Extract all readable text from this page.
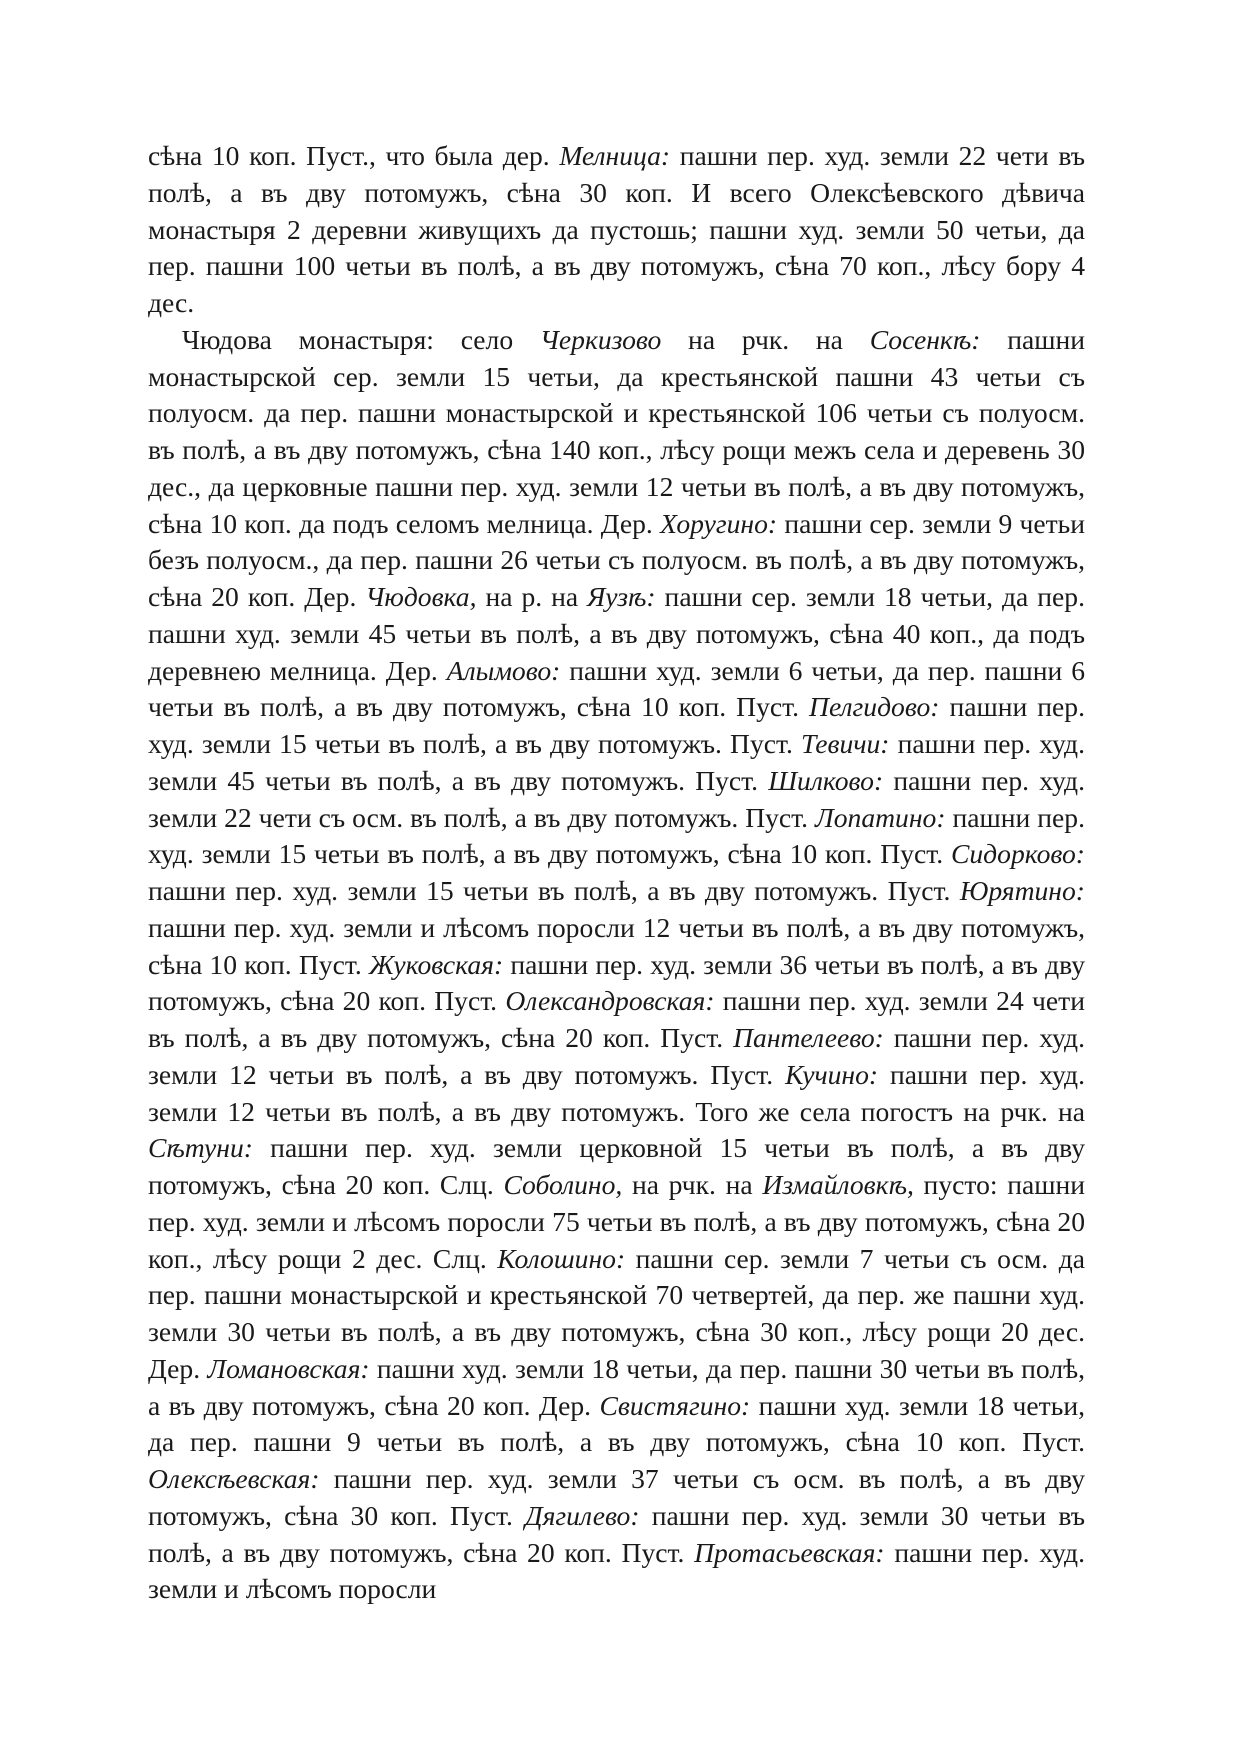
сѣна 10 коп. Пуст., что была дер. Мелница: пашни пер. худ. земли 22 чети въ полѣ, а въ дву потомужъ, сѣна 30 коп. И всего Олексѣевского дѣвича монастыря 2 деревни живущихъ да пустошь; пашни худ. земли 50 четьи, да пер. пашни 100 четьи въ полѣ, а въ дву потомужъ, сѣна 70 коп., лѣсу бору 4 дес.

Чюдова монастыря: село Черкизово на рчк. на Сосенкѣ: пашни монастырской сер. земли 15 четьи, да крестьянской пашни 43 четьи съ полуосм. да пер. пашни монастырской и крестьянской 106 четьи съ полуосм. въ полѣ, а въ дву потомужъ, сѣна 140 коп., лѣсу рощи межъ села и деревень 30 дес., да церковные пашни пер. худ. земли 12 четьи въ полѣ, а въ дву потомужъ, сѣна 10 коп. да подъ селомъ мелница. Дер. Хоругино: пашни сер. земли 9 четьи безъ полуосм., да пер. пашни 26 четьи съ полуосм. въ полѣ, а въ дву потомужъ, сѣна 20 коп. Дер. Чюдовка, на р. на Яузѣ: пашни сер. земли 18 четьи, да пер. пашни худ. земли 45 четьи въ полѣ, а въ дву потомужъ, сѣна 40 коп., да подъ деревнею мелница. Дер. Алымово: пашни худ. земли 6 четьи, да пер. пашни 6 четьи въ полѣ, а въ дву потомужъ, сѣна 10 коп. Пуст. Пелгидово: пашни пер. худ. земли 15 четьи въ полѣ, а въ дву потомужъ. Пуст. Тевичи: пашни пер. худ. земли 45 четьи въ полѣ, а въ дву потомужъ. Пуст. Шилково: пашни пер. худ. земли 22 чети съ осм. въ полѣ, а въ дву потомужъ. Пуст. Лопатино: пашни пер. худ. земли 15 четьи въ полѣ, а въ дву потомужъ, сѣна 10 коп. Пуст. Сидорково: пашни пер. худ. земли 15 четьи въ полѣ, а въ дву потомужъ. Пуст. Юрятино: пашни пер. худ. земли и лѣсомъ поросли 12 четьи въ полѣ, а въ дву потомужъ, сѣна 10 коп. Пуст. Жуковская: пашни пер. худ. земли 36 четьи въ полѣ, а въ дву потомужъ, сѣна 20 коп. Пуст. Олександровская: пашни пер. худ. земли 24 чети въ полѣ, а въ дву потомужъ, сѣна 20 коп. Пуст. Пантелеево: пашни пер. худ. земли 12 четьи въ полѣ, а въ дву потомужъ. Пуст. Кучино: пашни пер. худ. земли 12 четьи въ полѣ, а въ дву потомужъ. Того же села погостъ на рчк. на Сѣтуни: пашни пер. худ. земли церковной 15 четьи въ полѣ, а въ дву потомужъ, сѣна 20 коп. Слц. Соболино, на рчк. на Измайловкѣ, пусто: пашни пер. худ. земли и лѣсомъ поросли 75 четьи въ полѣ, а въ дву потомужъ, сѣна 20 коп., лѣсу рощи 2 дес. Слц. Колошино: пашни сер. земли 7 четьи съ осм. да пер. пашни монастырской и крестьянской 70 четвертей, да пер. же пашни худ. земли 30 четьи въ полѣ, а въ дву потомужъ, сѣна 30 коп., лѣсу рощи 20 дес. Дер. Ломановская: пашни худ. земли 18 четьи, да пер. пашни 30 четьи въ полѣ, а въ дву потомужъ, сѣна 20 коп. Дер. Свистягино: пашни худ. земли 18 четьи, да пер. пашни 9 четьи въ полѣ, а въ дву потомужъ, сѣна 10 коп. Пуст. Олексѣевская: пашни пер. худ. земли 37 четьи съ осм. въ полѣ, а въ дву потомужъ, сѣна 30 коп. Пуст. Дягилево: пашни пер. худ. земли 30 четьи въ полѣ, а въ дву потомужъ, сѣна 20 коп. Пуст. Протасьевская: пашни пер. худ. земли и лѣсомъ поросли
